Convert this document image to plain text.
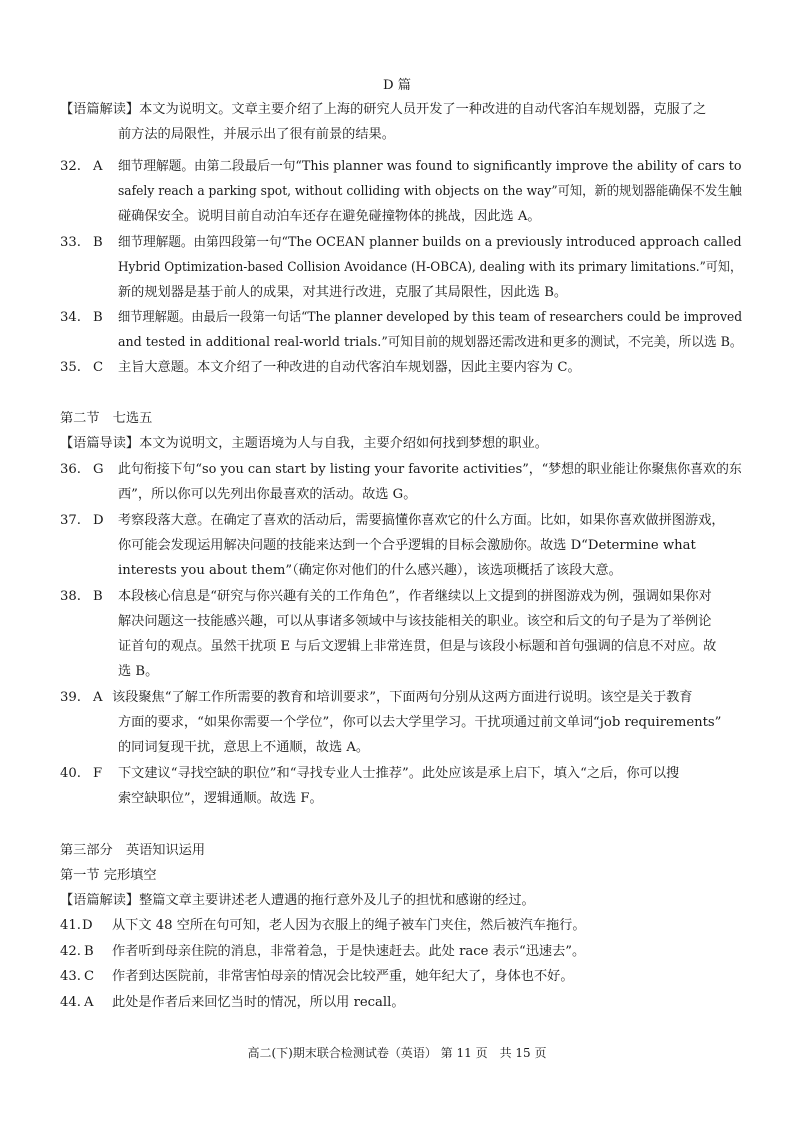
D 篇
【语篇解读】本文为说明文。文章主要介绍了上海的研究人员开发了一种改进的自动代客泊车规划器，克服了之
前方法的局限性，并展示出了很有前景的结果。
32. A 细节理解题。由第二段最后一句“This planner was found to significantly improve the ability of cars to
safely reach a parking spot, without colliding with objects on the way”可知，新的规划器能确保不发生触
碰确保安全。说明目前自动泊车还存在避免碰撞物体的挑战，因此选 A。
33. B 细节理解题。由第四段第一句“The OCEAN planner builds on a previously introduced approach called
Hybrid Optimization-based Collision Avoidance (H-OBCA), dealing with its primary limitations.”可知，
新的规划器是基于前人的成果，对其进行改进，克服了其局限性，因此选 B。
34. B 细节理解题。由最后一段第一句话“The planner developed by this team of researchers could be improved
and tested in additional real-world trials.”可知目前的规划器还需改进和更多的测试，不完美，所以选 B。
35. C 主旨大意题。本文介绍了一种改进的自动代客泊车规划器，因此主要内容为 C。
第二节　七选五
【语篇导读】本文为说明文，主题语境为人与自我，主要介绍如何找到梦想的职业。
36. G 此句衔接下句“so you can start by listing your favorite activities”，“梦想的职业能让你聚焦你喜欢的东
西”，所以你可以先列出你最喜欢的活动。故选 G。
37. D 考察段落大意。在确定了喜欢的活动后，需要搞懂你喜欢它的什么方面。比如，如果你喜欢做拼图游戏，
你可能会发现运用解决问题的技能来达到一个合乎逻辑的目标会激励你。故选 D“Determine what
interests you about them”（确定你对他们的什么感兴趣），该选项概括了该段大意。
38. B 本段核心信息是“研究与你兴趣有关的工作角色”，作者继续以上文提到的拼图游戏为例，强调如果你对
解决问题这一技能感兴趣，可以从事诸多领域中与该技能相关的职业。该空和后文的句子是为了举例论
证首句的观点。虽然干扰项 E 与后文逻辑上非常连贯，但是与该段小标题和首句强调的信息不对应。故
选 B。
39. A 该段聚焦“了解工作所需要的教育和培训要求”，下面两句分别从这两方面进行说明。该空是关于教育
方面的要求，“如果你需要一个学位”，你可以去大学里学习。干扰项通过前文单词“job requirements”
的同词复现干扰，意思上不通顺，故选 A。
40. F 下文建议“寻找空缺的职位”和“寻找专业人士推荐”。此处应该是承上启下，填入“之后，你可以搜
索空缺职位”，逻辑通顺。故选 F。
第三部分　英语知识运用
第一节 完形填空
【语篇解读】整篇文章主要讲述老人遭遇的拖行意外及儿子的担忧和感谢的经过。
41. D 从下文 48 空所在句可知，老人因为衣服上的绳子被车门夹住，然后被汽车拖行。
42. B 作者听到母亲住院的消息，非常着急，于是快速赶去。此处 race 表示“迅速去”。
43. C 作者到达医院前，非常害怕母亲的情况会比较严重，她年纪大了，身体也不好。
44. A 此处是作者后来回忆当时的情况，所以用 recall。
高二(下)期末联合检测试卷（英语） 第 11 页　共 15 页
